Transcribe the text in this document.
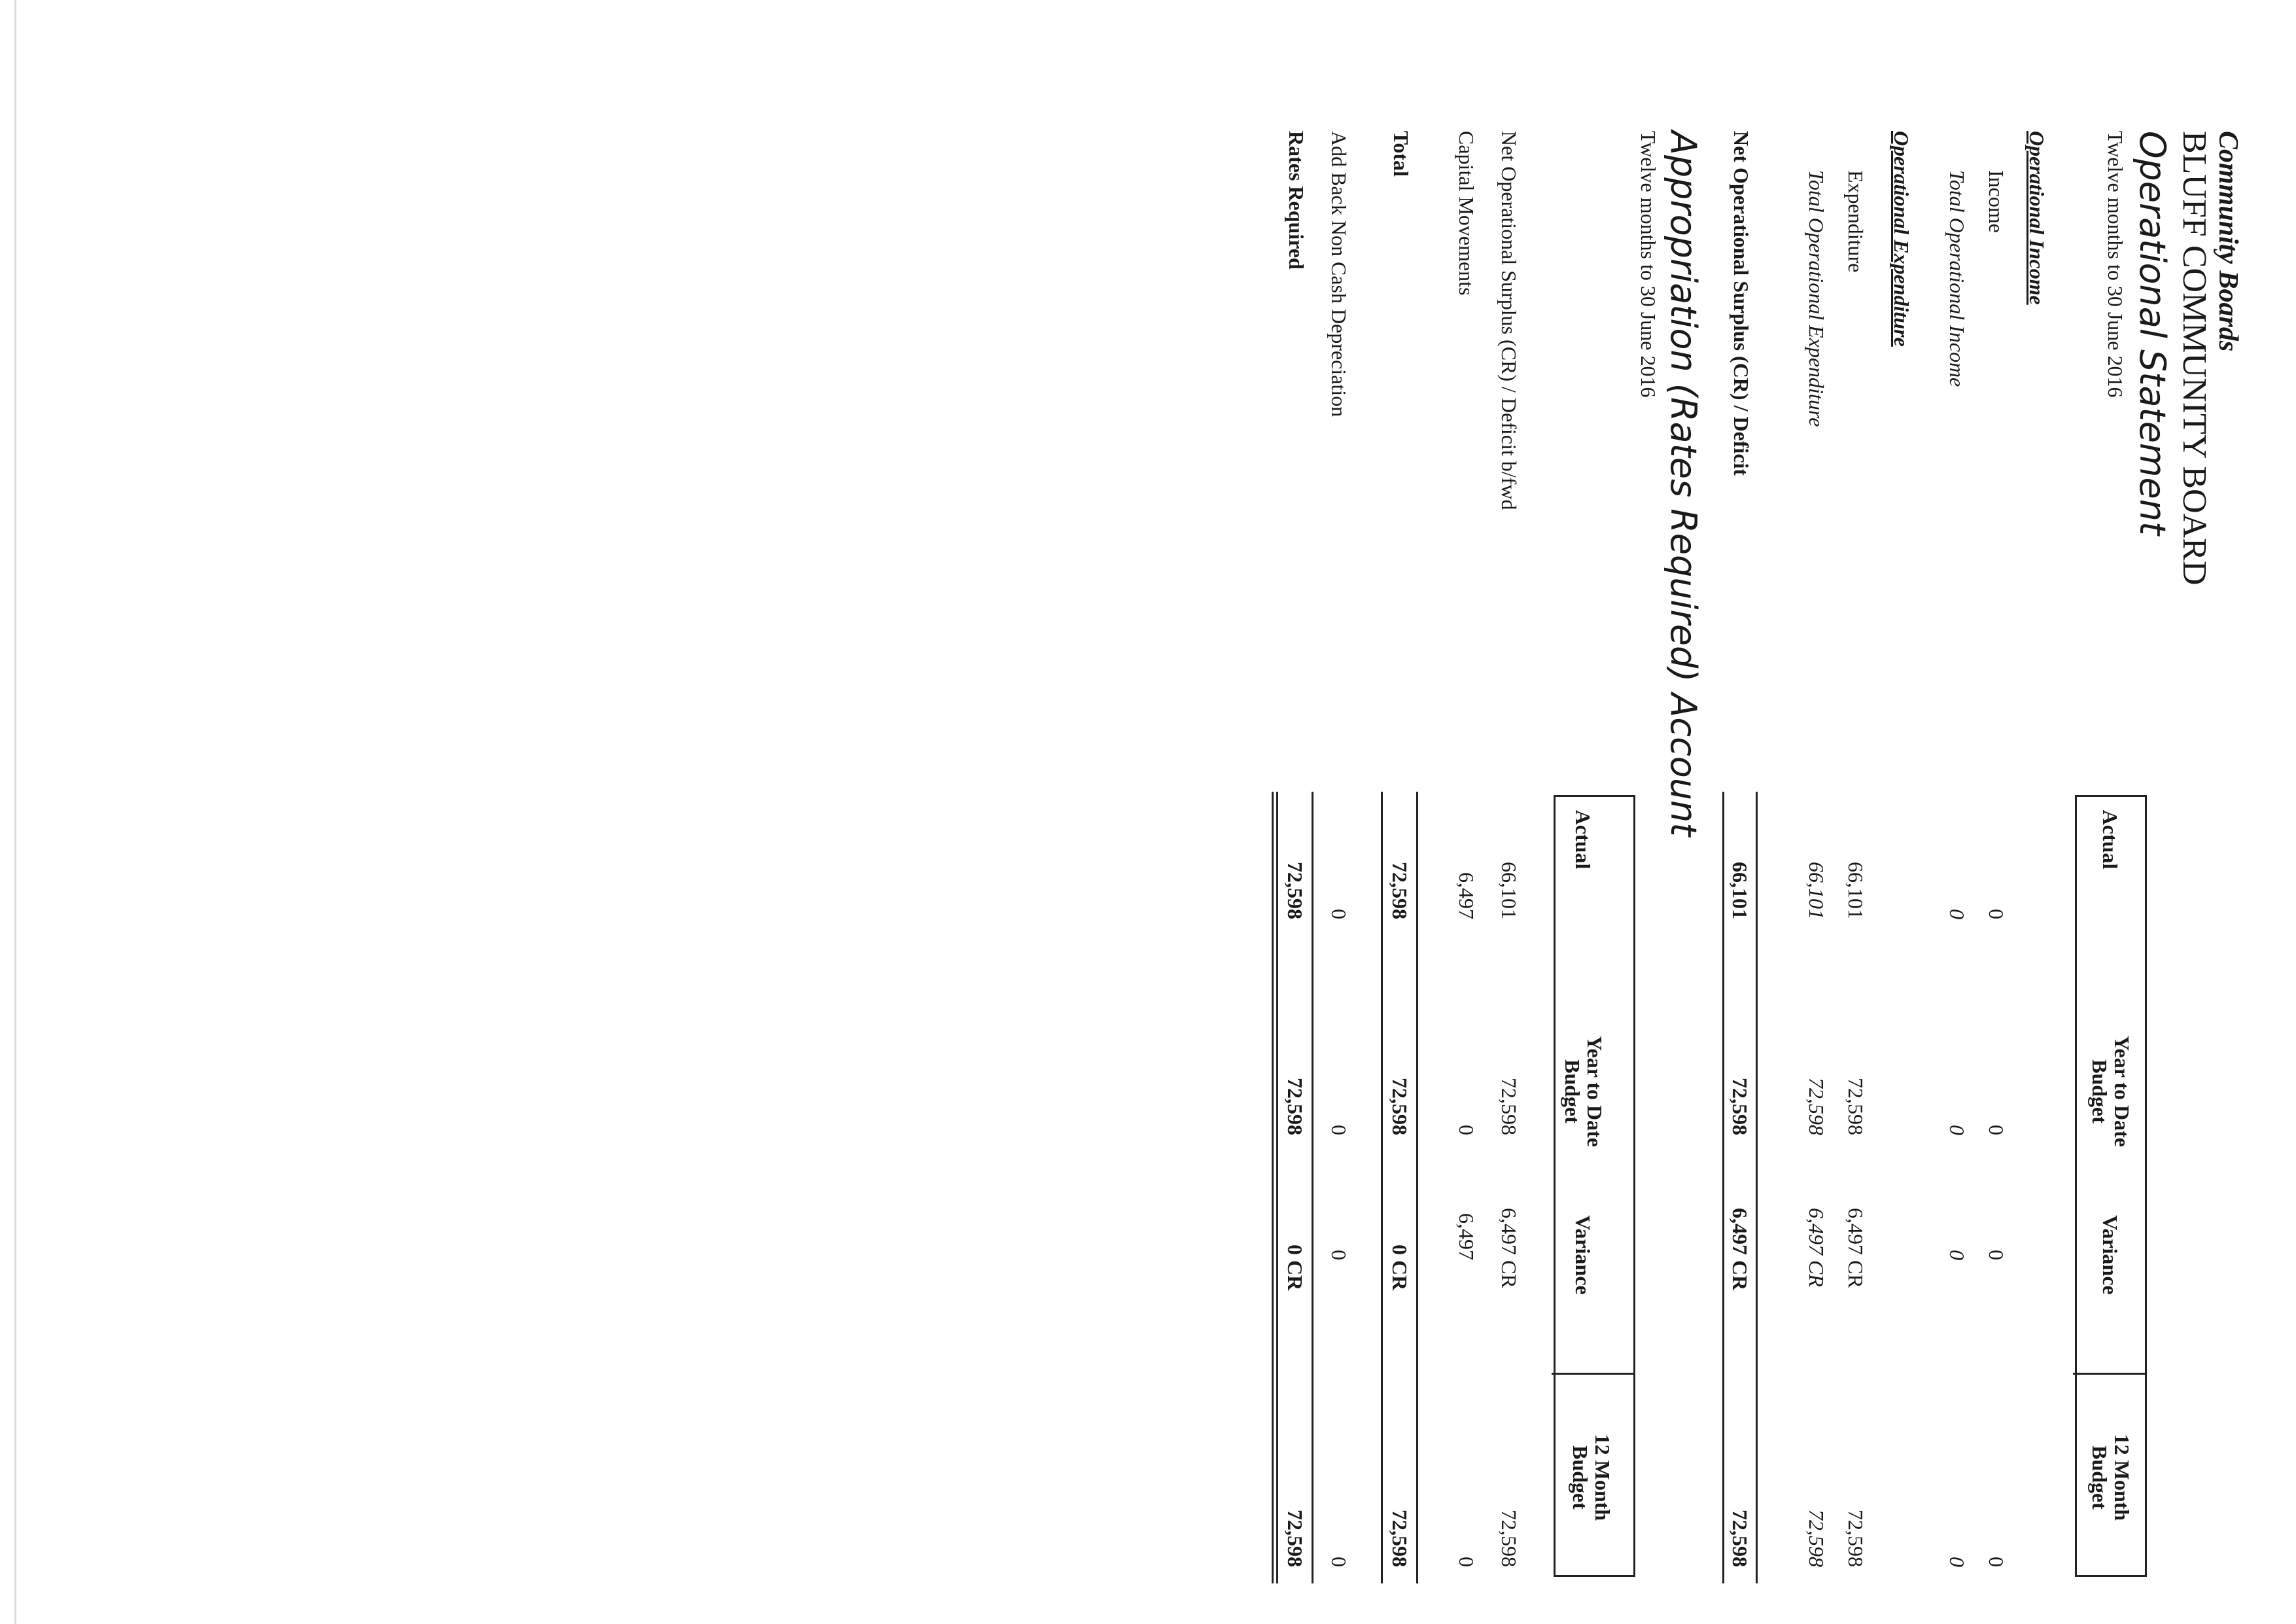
Community Boards
BLUFF COMMUNITY BOARD
Operational Statement
Twelve months to 30 June 2016
Actual
Year to Date
Budget
Variance
12 Month
Budget
Operational Income
Income
0
0
0
0
Total Operational Income
0
0
0
0
Operational Expenditure
Expenditure
66,101
72,598
6,497 CR
72,598
Total Operational Expenditure
66,101
72,598
6,497 CR
72,598
Net Operational Surplus (CR) / Deficit
66,101
72,598
6,497 CR
72,598
Appropriation (Rates Required) Account
Twelve months to 30 June 2016
Actual
Year to Date
Budget
Variance
12 Month
Budget
Net Operational Surplus (CR) / Deficit b/fwd
66,101
72,598
6,497 CR
72,598
Capital Movements
6,497
0
6,497
0
Total
72,598
72,598
0 CR
72,598
Add Back Non Cash Depreciation
0
0
0
0
Rates Required
72,598
72,598
0 CR
72,598
